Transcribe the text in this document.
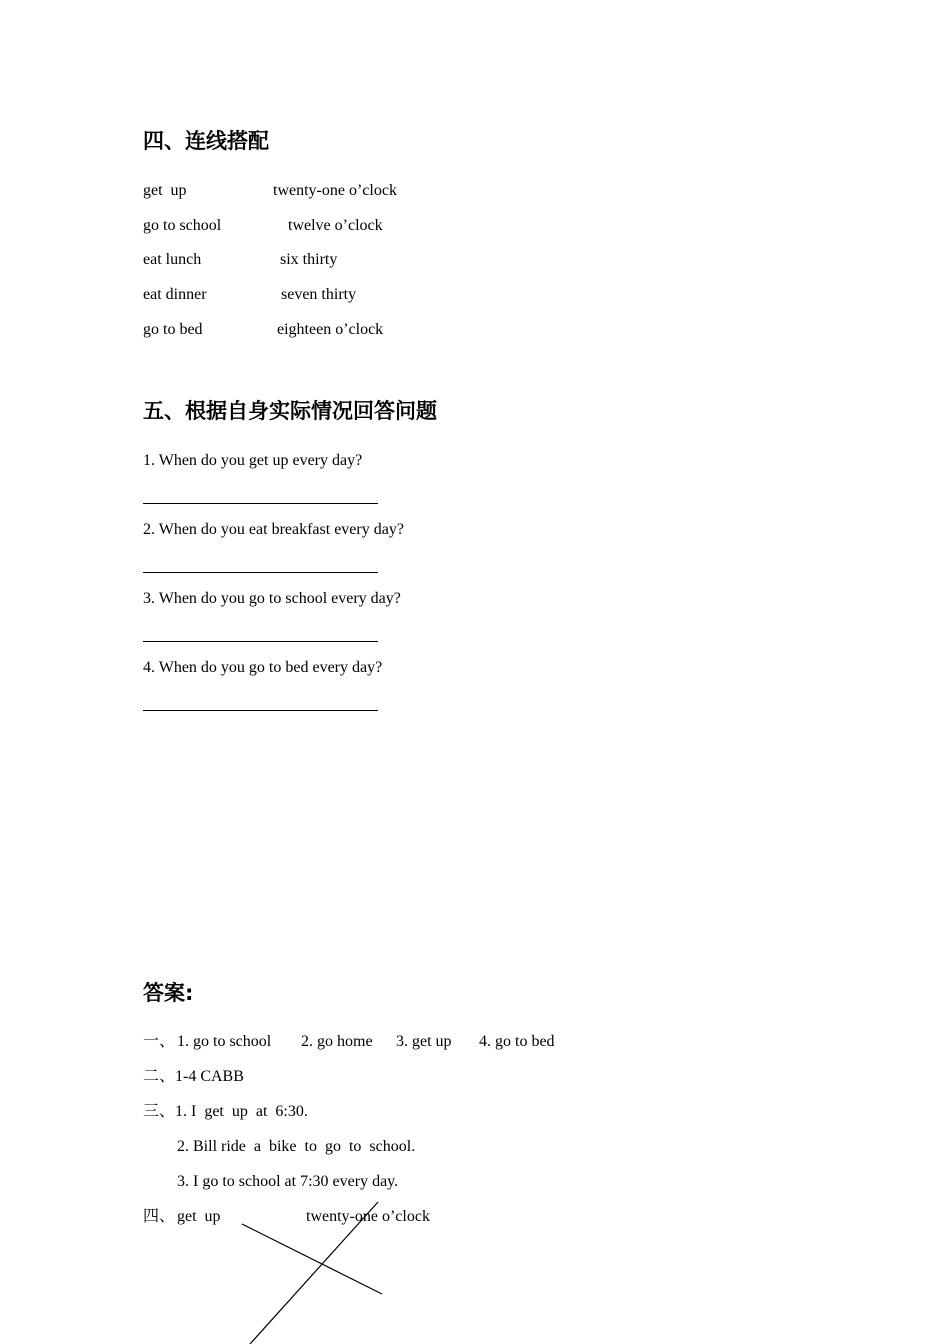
四、连线搭配
get  up	twenty-one o’clock
go to school	twelve o’clock
eat lunch	six thirty
eat dinner	seven thirty
go to bed	eighteen o’clock
五、根据自身实际情况回答问题
1. When do you get up every day?
2. When do you eat breakfast every day?
3. When do you go to school every day?
4. When do you go to bed every day?
答案:
一、 1. go to school 2. go home 3. get up 4. go to bed
二、1-4 CABB
三、1. I  get  up  at  6:30.
2. Bill ride  a  bike  to  go  to  school.
3. I go to school at 7:30 every day.
四、 get  up	twenty-one o’clock
